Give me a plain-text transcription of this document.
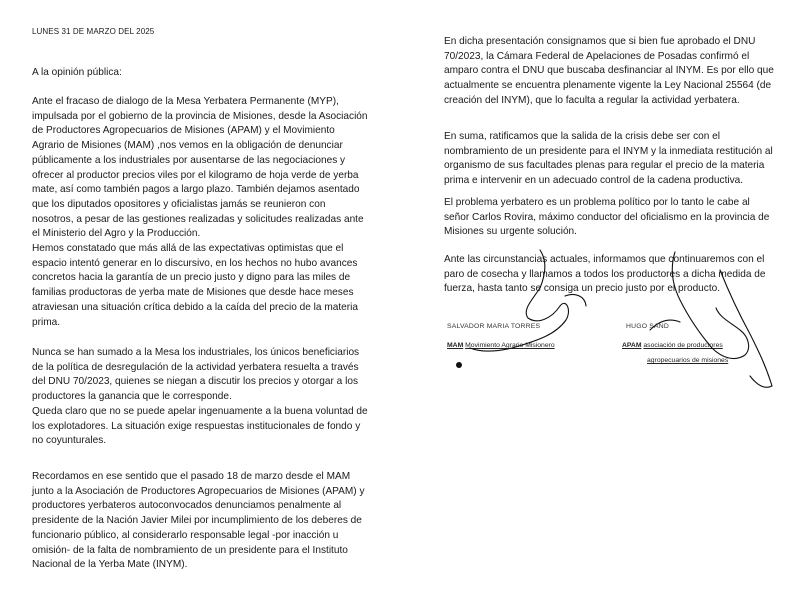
LUNES 31 DE MARZO DEL 2025

A la opinión pública:

Ante el fracaso de dialogo de la Mesa Yerbatera Permanente (MYP),
impulsada por el gobierno de la provincia de Misiones, desde la Asociación
de Productores Agropecuarios de Misiones (APAM) y el Movimiento
Agrario de Misiones (MAM) ,nos vemos en la obligación de denunciar
públicamente a los industriales por ausentarse de las negociaciones y
ofrecer al productor precios viles por el kilogramo de hoja verde de yerba
mate, así como también pagos a largo plazo. También dejamos asentado
que los diputados opositores y oficialistas jamás se reunieron con
nosotros, a pesar de las gestiones realizadas y solicitudes realizadas ante
el Ministerio del Agro y la Producción.

Hemos constatado que más allá de las expectativas optimistas que el
espacio intentó generar en lo discursivo, en los hechos no hubo avances
concretos hacia la garantía de un precio justo y digno para las miles de
familias productoras de yerba mate de Misiones que desde hace meses
atraviesan una situación crítica debido a la caída del precio de la materia
prima.

Nunca se han sumado a la Mesa los industriales, los únicos beneficiarios
de la política de desregulación de la actividad yerbatera resuelta a través
del DNU 70/2023, quienes se niegan a discutir los precios y otorgar a los
productores la ganancia que le corresponde.
Queda claro que no se puede apelar ingenuamente a la buena voluntad de
los explotadores. La situación exige respuestas institucionales de fondo y
no coyunturales.

Recordamos en ese sentido que el pasado 18 de marzo desde el MAM
junto a la Asociación de Productores Agropecuarios de Misiones (APAM) y
productores yerbateros autoconvocados denunciamos penalmente al
presidente de la Nación Javier Milei por incumplimiento de los deberes de
funcionario público, al considerarlo responsable legal -por inacción u
omisión- de la falta de nombramiento de un presidente para el Instituto
Nacional de la Yerba Mate (INYM).

En dicha presentación consignamos que si bien fue aprobado el DNU
70/2023, la Cámara Federal de Apelaciones de Posadas confirmó el
amparo contra el DNU que buscaba desfinanciar al INYM. Es por ello que
actualmente se encuentra plenamente vigente la Ley Nacional 25564 (de
creación del INYM), que lo faculta a regular la actividad yerbatera.

En suma, ratificamos que la salida de la crisis debe ser con el
nombramiento de un presidente para el INYM y la inmediata restitución al
organismo de sus facultades plenas para regular el precio de la materia
prima e intervenir en un adecuado control de la cadena productiva.

El problema yerbatero es un problema político por lo tanto le cabe al
señor Carlos Rovira, máximo conductor del oficialismo en la provincia de
Misiones su urgente solución.

Ante las circunstancias actuales, informamos que continuaremos con el
paro de cosecha y llamamos a todos los productores a dicha medida de
fuerza, hasta tanto se consiga un precio justo por el producto.

SALVADOR MARIA TORRES
MAM Movimiento Agrario Misionero
HUGO SAND
APAM asociación de productores
agropecuarios de misiones
